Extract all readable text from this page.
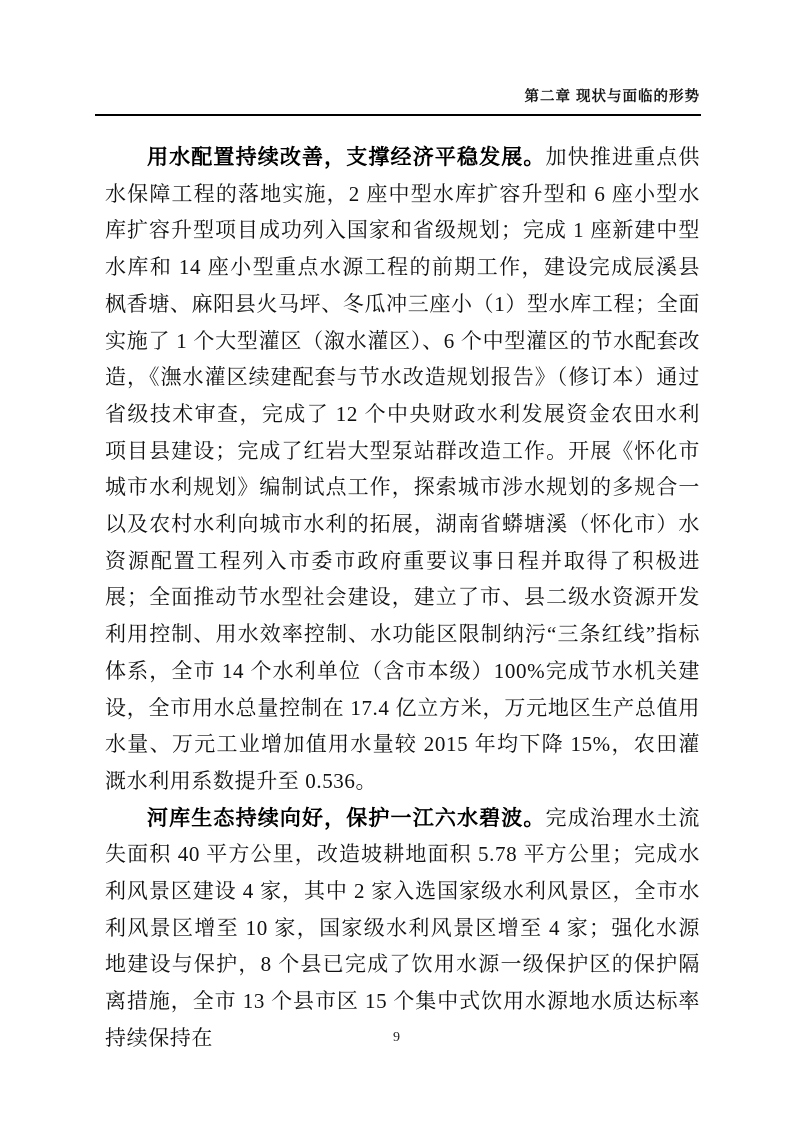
第二章 现状与面临的形势

用水配置持续改善，支撑经济平稳发展。加快推进重点供水保障工程的落地实施，2 座中型水库扩容升型和 6 座小型水库扩容升型项目成功列入国家和省级规划；完成 1 座新建中型水库和 14 座小型重点水源工程的前期工作，建设完成辰溪县枫香塘、麻阳县火马坪、冬瓜冲三座小（1）型水库工程；全面实施了 1 个大型灌区（溆水灌区）、6 个中型灌区的节水配套改造，《潕水灌区续建配套与节水改造规划报告》（修订本）通过省级技术审查，完成了 12 个中央财政水利发展资金农田水利项目县建设；完成了红岩大型泵站群改造工作。开展《怀化市城市水利规划》编制试点工作，探索城市涉水规划的多规合一以及农村水利向城市水利的拓展，湖南省蟒塘溪（怀化市）水资源配置工程列入市委市政府重要议事日程并取得了积极进展；全面推动节水型社会建设，建立了市、县二级水资源开发利用控制、用水效率控制、水功能区限制纳污“三条红线”指标体系，全市 14 个水利单位（含市本级）100%完成节水机关建设，全市用水总量控制在 17.4 亿立方米，万元地区生产总值用水量、万元工业增加值用水量较 2015 年均下降 15%，农田灌溉水利用系数提升至 0.536。

河库生态持续向好，保护一江六水碧波。完成治理水土流失面积 40 平方公里，改造坡耕地面积 5.78 平方公里；完成水利风景区建设 4 家，其中 2 家入选国家级水利风景区，全市水利风景区增至 10 家，国家级水利风景区增至 4 家；强化水源地建设与保护，8 个县已完成了饮用水源一级保护区的保护隔离措施，全市 13 个县市区 15 个集中式饮用水源地水质达标率持续保持在	9
